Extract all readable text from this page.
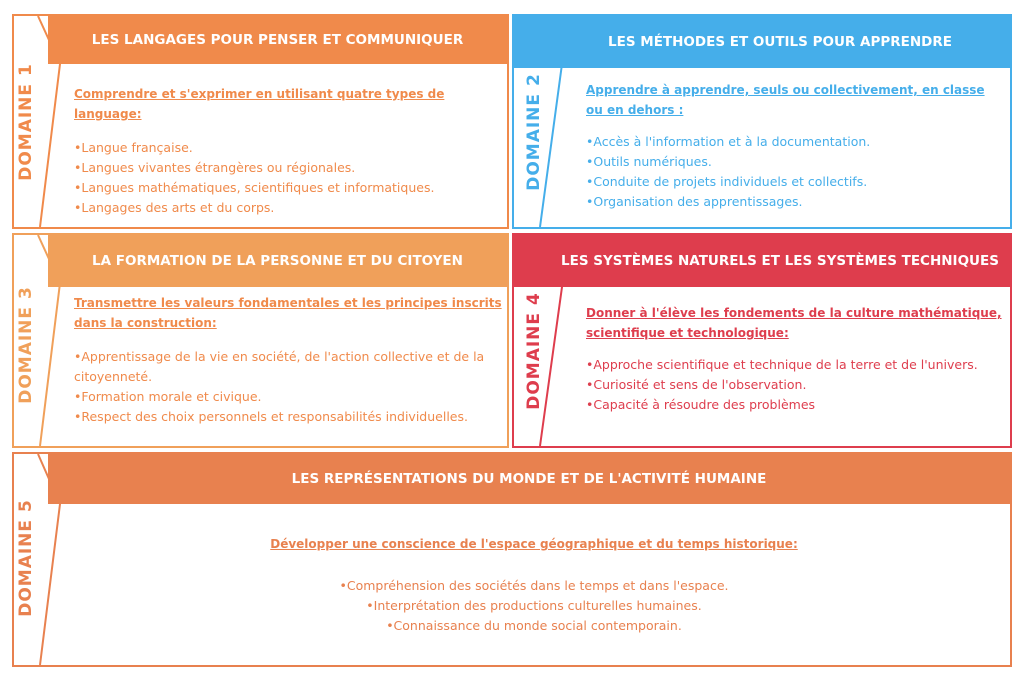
DOMAINE 1
LES LANGAGES POUR PENSER ET COMMUNIQUER
Comprendre et s'exprimer en utilisant quatre types de language:
•Langue française.
•Langues vivantes étrangères ou régionales.
•Langues mathématiques, scientifiques et informatiques.
•Langages des arts et du corps.
DOMAINE 2
LES MÉTHODES ET OUTILS POUR APPRENDRE
Apprendre à apprendre, seuls ou collectivement, en classe ou en dehors :
•Accès à l'information et à la documentation.
•Outils numériques.
•Conduite de projets individuels et collectifs.
•Organisation des apprentissages.
DOMAINE 3
LA FORMATION DE LA PERSONNE ET DU CITOYEN
Transmettre les valeurs fondamentales et les principes inscrits dans la construction:
•Apprentissage de la vie en société, de l'action collective et de la citoyenneté.
•Formation morale et civique.
•Respect des choix personnels et responsabilités individuelles.
DOMAINE 4
LES SYSTÈMES NATURELS ET LES SYSTÈMES TECHNIQUES
Donner à l'élève les fondements de la culture mathématique, scientifique et technologique:
•Approche scientifique et technique de la terre et de l'univers.
•Curiosité et sens de l'observation.
•Capacité à résoudre des problèmes
DOMAINE 5
LES REPRÉSENTATIONS DU MONDE ET DE L'ACTIVITÉ HUMAINE
Développer une conscience de l'espace géographique et du temps historique:
•Compréhension des sociétés dans le temps et dans l'espace.
•Interprétation des productions culturelles humaines.
•Connaissance du monde social contemporain.
